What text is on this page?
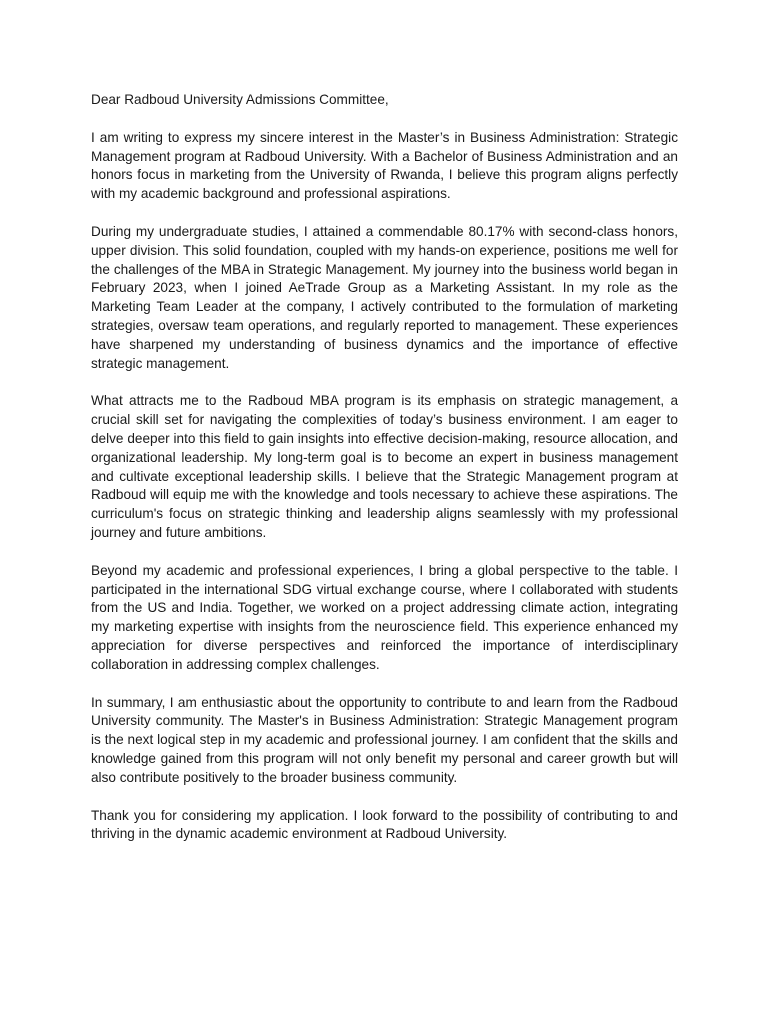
Dear Radboud University Admissions Committee,

I am writing to express my sincere interest in the Master’s in Business Administration: Strategic Management program at Radboud University. With a Bachelor of Business Administration and an honors focus in marketing from the University of Rwanda, I believe this program aligns perfectly with my academic background and professional aspirations.

During my undergraduate studies, I attained a commendable 80.17% with second-class honors, upper division. This solid foundation, coupled with my hands-on experience, positions me well for the challenges of the MBA in Strategic Management. My journey into the business world began in February 2023, when I joined AeTrade Group as a Marketing Assistant. In my role as the Marketing Team Leader at the company, I actively contributed to the formulation of marketing strategies, oversaw team operations, and regularly reported to management. These experiences have sharpened my understanding of business dynamics and the importance of effective strategic management.

What attracts me to the Radboud MBA program is its emphasis on strategic management, a crucial skill set for navigating the complexities of today’s business environment. I am eager to delve deeper into this field to gain insights into effective decision-making, resource allocation, and organizational leadership. My long-term goal is to become an expert in business management and cultivate exceptional leadership skills. I believe that the Strategic Management program at Radboud will equip me with the knowledge and tools necessary to achieve these aspirations. The curriculum's focus on strategic thinking and leadership aligns seamlessly with my professional journey and future ambitions.

Beyond my academic and professional experiences, I bring a global perspective to the table. I participated in the international SDG virtual exchange course, where I collaborated with students from the US and India. Together, we worked on a project addressing climate action, integrating my marketing expertise with insights from the neuroscience field. This experience enhanced my appreciation for diverse perspectives and reinforced the importance of interdisciplinary collaboration in addressing complex challenges.

In summary, I am enthusiastic about the opportunity to contribute to and learn from the Radboud University community. The Master's in Business Administration: Strategic Management program is the next logical step in my academic and professional journey. I am confident that the skills and knowledge gained from this program will not only benefit my personal and career growth but will also contribute positively to the broader business community.

Thank you for considering my application. I look forward to the possibility of contributing to and thriving in the dynamic academic environment at Radboud University.
